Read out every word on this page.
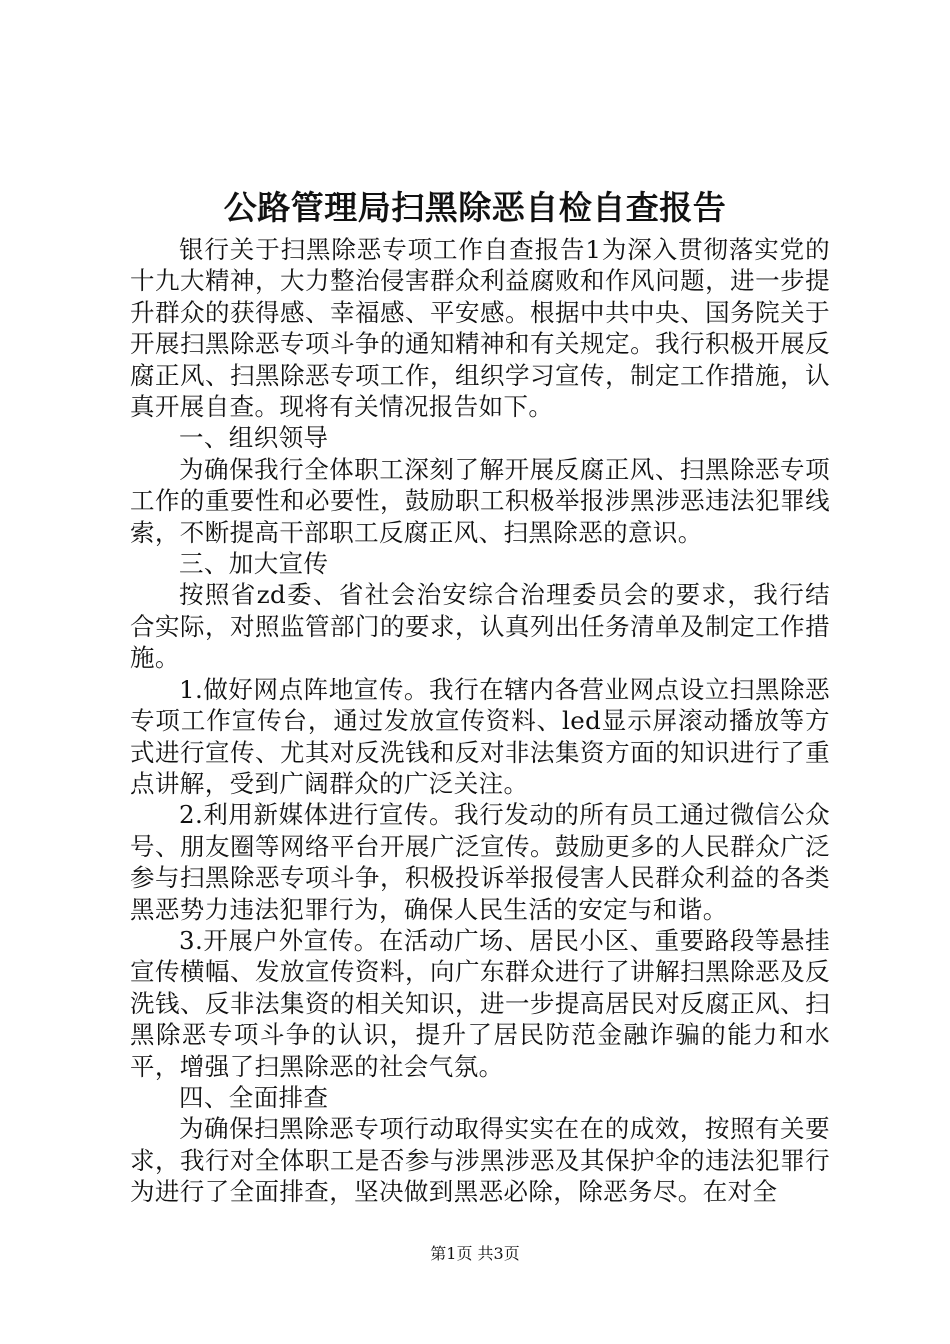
公路管理局扫黑除恶自检自查报告

银行关于扫黑除恶专项工作自查报告1为深入贯彻落实党的十九大精神，大力整治侵害群众利益腐败和作风问题，进一步提升群众的获得感、幸福感、平安感。根据中共中央、国务院关于开展扫黑除恶专项斗争的通知精神和有关规定。我行积极开展反腐正风、扫黑除恶专项工作，组织学习宣传，制定工作措施，认真开展自查。现将有关情况报告如下。

一、组织领导

为确保我行全体职工深刻了解开展反腐正风、扫黑除恶专项工作的重要性和必要性，鼓励职工积极举报涉黑涉恶违法犯罪线索，不断提高干部职工反腐正风、扫黑除恶的意识。

三、加大宣传

按照省zd委、省社会治安综合治理委员会的要求，我行结合实际，对照监管部门的要求，认真列出任务清单及制定工作措施。

1.做好网点阵地宣传。我行在辖内各营业网点设立扫黑除恶专项工作宣传台，通过发放宣传资料、led显示屏滚动播放等方式进行宣传、尤其对反洗钱和反对非法集资方面的知识进行了重点讲解，受到广阔群众的广泛关注。

2.利用新媒体进行宣传。我行发动的所有员工通过微信公众号、朋友圈等网络平台开展广泛宣传。鼓励更多的人民群众广泛参与扫黑除恶专项斗争，积极投诉举报侵害人民群众利益的各类黑恶势力违法犯罪行为，确保人民生活的安定与和谐。

3.开展户外宣传。在活动广场、居民小区、重要路段等悬挂宣传横幅、发放宣传资料，向广东群众进行了讲解扫黑除恶及反洗钱、反非法集资的相关知识，进一步提高居民对反腐正风、扫黑除恶专项斗争的认识，提升了居民防范金融诈骗的能力和水平，增强了扫黑除恶的社会气氛。

四、全面排查

为确保扫黑除恶专项行动取得实实在在的成效，按照有关要求，我行对全体职工是否参与涉黑涉恶及其保护伞的违法犯罪行为进行了全面排查，坚决做到黑恶必除，除恶务尽。在对全

第1页 共3页
